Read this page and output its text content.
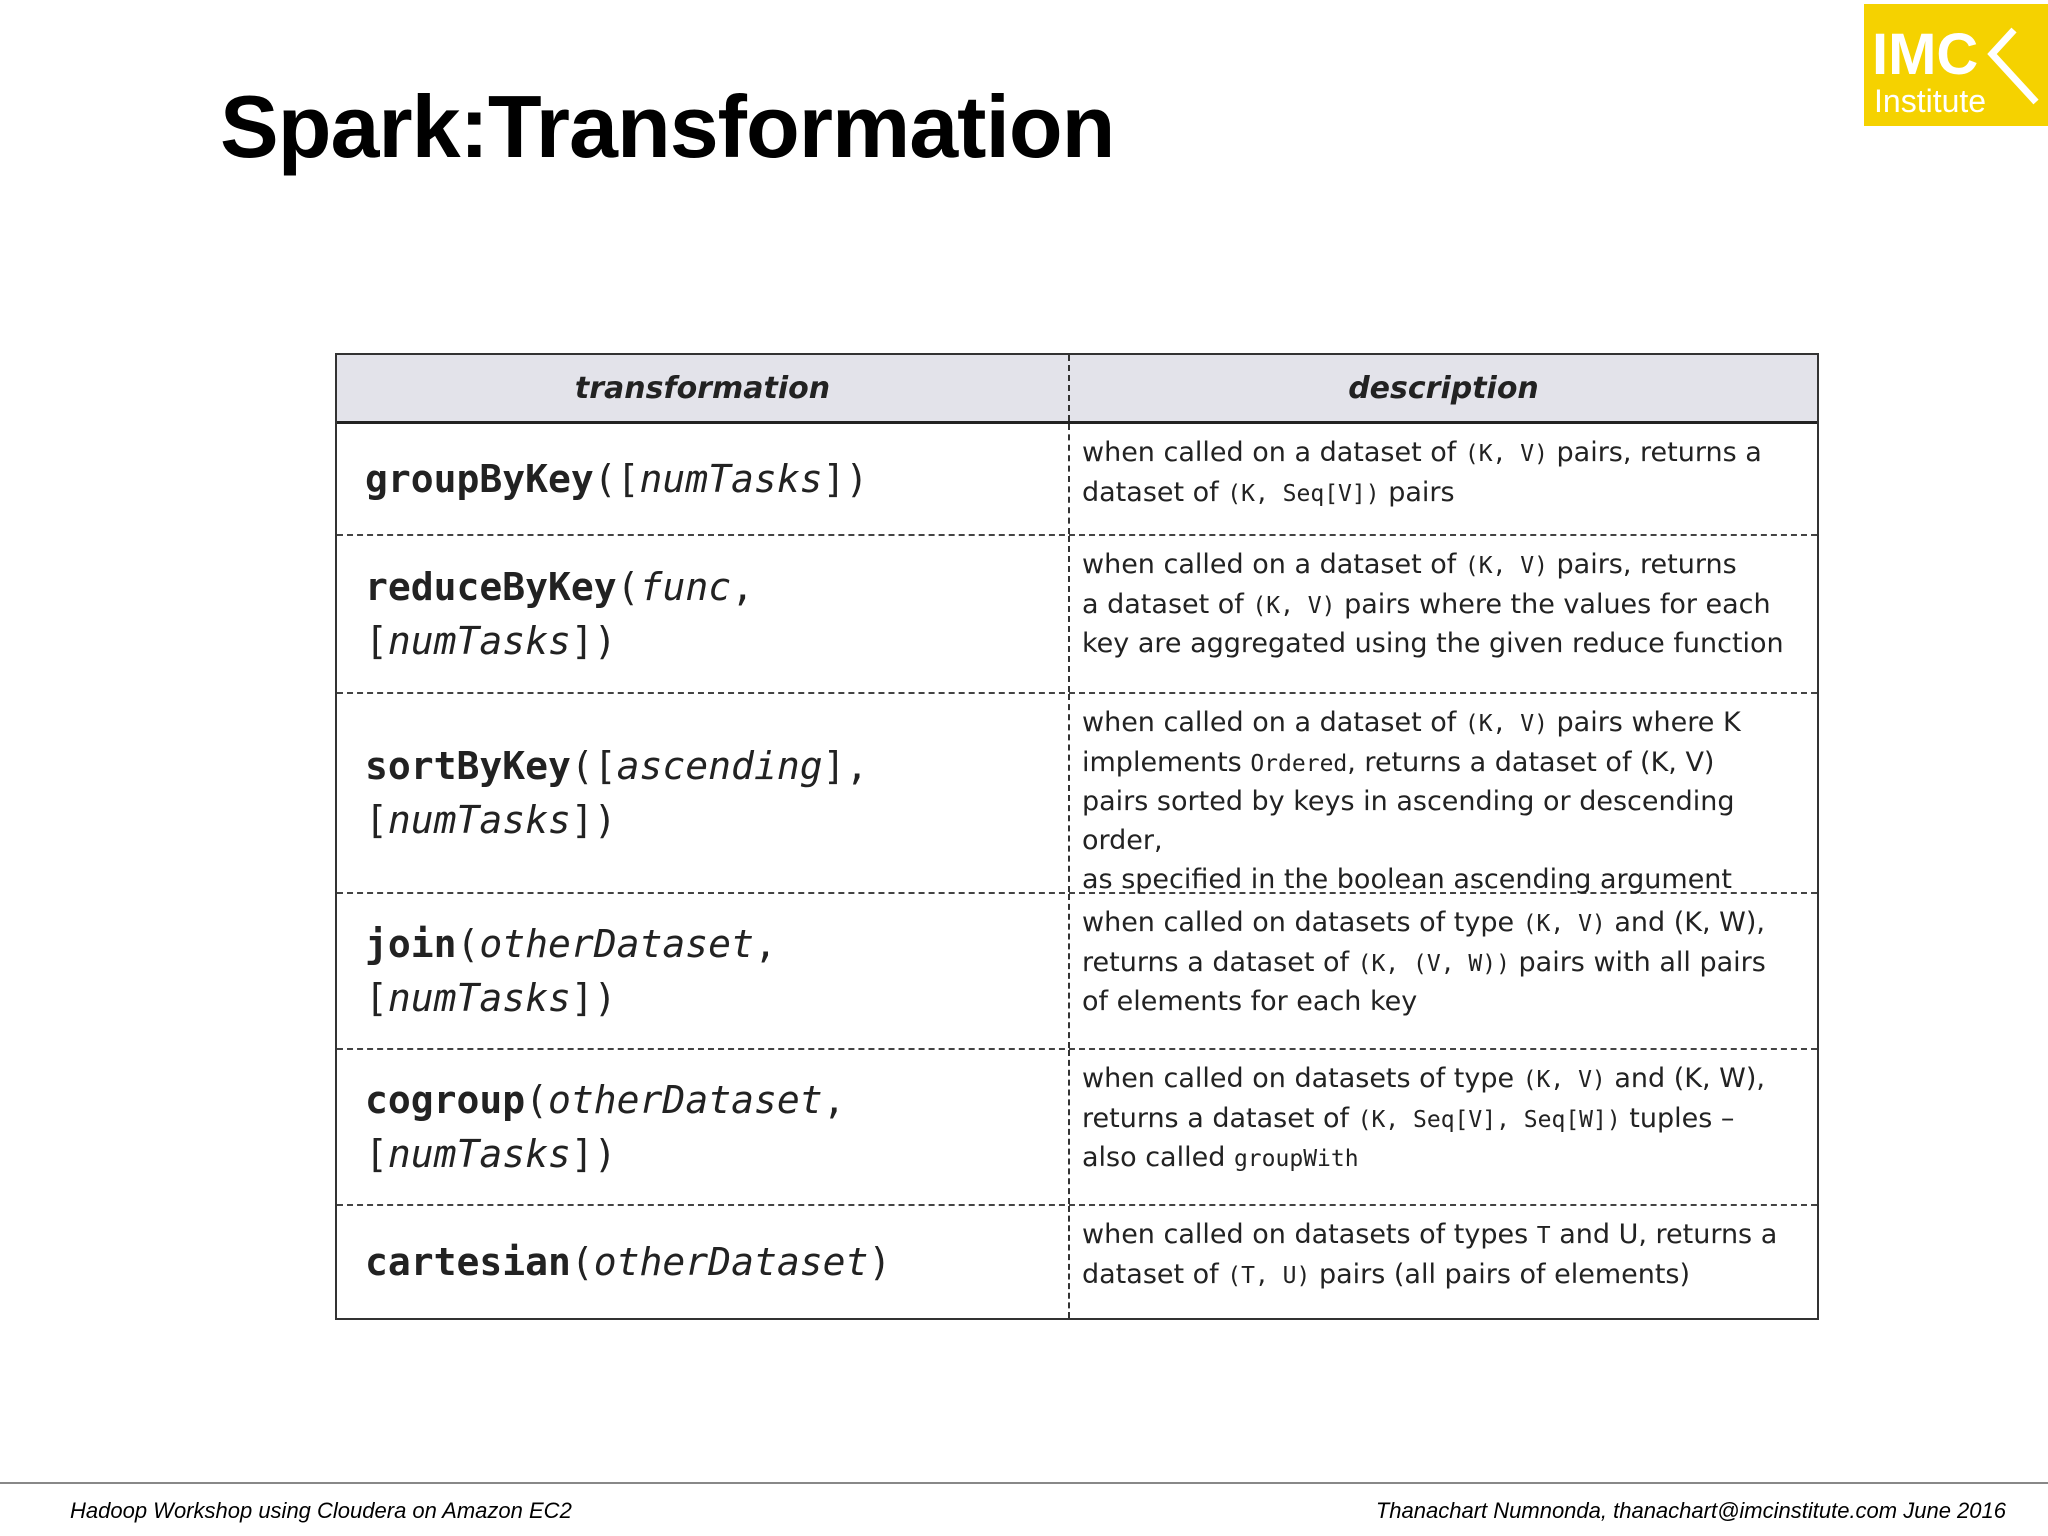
Spark:Transformation
IMC
Institute
transformation	description
groupByKey([numTasks])
when called on a dataset of (K, V) pairs, returns a
dataset of (K, Seq[V]) pairs
reduceByKey(func,
[numTasks])
when called on a dataset of (K, V) pairs, returns
a dataset of (K, V) pairs where the values for each
key are aggregated using the given reduce function
sortByKey([ascending],
[numTasks])
when called on a dataset of (K, V) pairs where K
implements Ordered, returns a dataset of (K, V)
pairs sorted by keys in ascending or descending order,
as specified in the boolean ascending argument
join(otherDataset,
[numTasks])
when called on datasets of type (K, V) and (K, W),
returns a dataset of (K, (V, W)) pairs with all pairs
of elements for each key
cogroup(otherDataset,
[numTasks])
when called on datasets of type (K, V) and (K, W),
returns a dataset of (K, Seq[V], Seq[W]) tuples –
also called groupWith
cartesian(otherDataset)
when called on datasets of types T and U, returns a
dataset of (T, U) pairs (all pairs of elements)
Hadoop Workshop using Cloudera on Amazon EC2	Thanachart Numnonda, thanachart@imcinstitute.com June 2016
